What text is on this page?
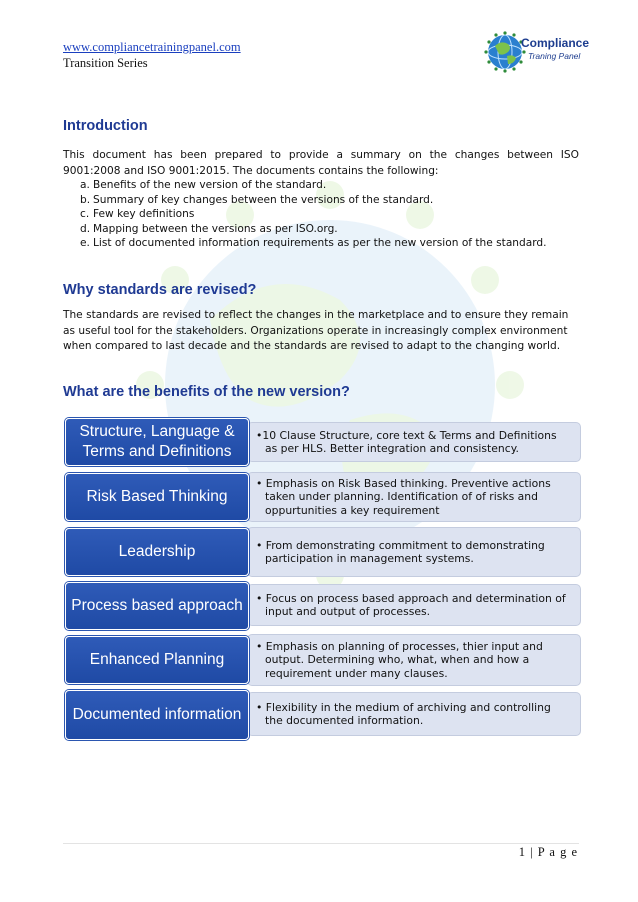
www.compliancetrainingpanel.com
Transition Series
Compliance
Traning Panel
Introduction

This document has been prepared to provide a summary on the changes between ISO 9001:2008 and ISO 9001:2015. The documents contains the following:

a. Benefits of the new version of the standard.
b. Summary of key changes between the versions of the standard.
c. Few key definitions
d. Mapping between the versions as per ISO.org.
e. List of documented information requirements as per the new version of the standard.
Why standards are revised?

The standards are revised to reflect the changes in the marketplace and to ensure they remain as useful tool for the stakeholders. Organizations operate in increasingly complex environment when compared to last decade and the standards are revised to adapt to the changing world.

What are the benefits of the new version?
•10 Clause Structure, core text & Terms and Definitions as per HLS. Better integration and consistency.
Structure, Language & Terms and Definitions
• Emphasis on Risk Based thinking. Preventive actions taken under planning. Identification of of risks and oppurtunities a key requirement
Risk Based Thinking
• From demonstrating commitment to demonstrating participation in management systems.
Leadership
• Focus on process based approach and determination of input and output of processes.
Process based approach
• Emphasis on planning of processes, thier input and output. Determining who, what, when and how a requirement under many clauses.
Enhanced Planning
• Flexibility in the medium of archiving and controlling the documented information.
Documented information
1 | P a g e
